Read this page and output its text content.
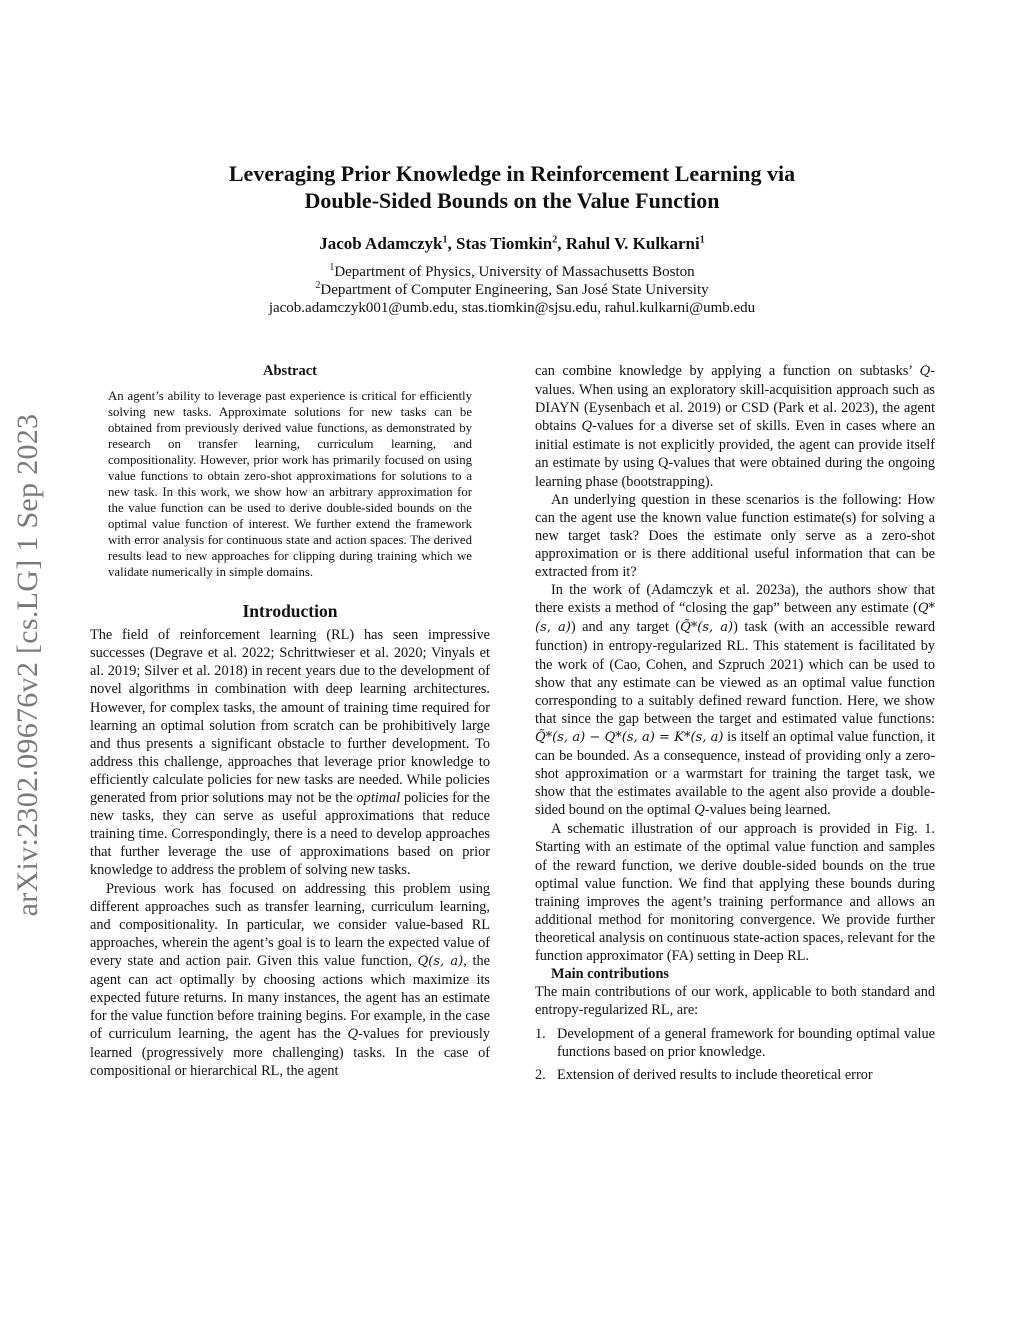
arXiv:2302.09676v2 [cs.LG] 1 Sep 2023
Leveraging Prior Knowledge in Reinforcement Learning via
Double-Sided Bounds on the Value Function
Jacob Adamczyk$^1$, Stas Tiomkin$^2$, Rahul V. Kulkarni$^1$
$^1$Department of Physics, University of Massachusetts Boston
$^2$Department of Computer Engineering, San José State University
jacob.adamczyk001@umb.edu, stas.tiomkin@sjsu.edu, rahul.kulkarni@umb.edu
Abstract
An agent’s ability to leverage past experience is critical for efficiently solving new tasks. Approximate solutions for new tasks can be obtained from previously derived value functions, as demonstrated by research on transfer learning, curriculum learning, and compositionality. However, prior work has primarily focused on using value functions to obtain zero-shot approximations for solutions to a new task. In this work, we show how an arbitrary approximation for the value function can be used to derive double-sided bounds on the optimal value function of interest. We further extend the framework with error analysis for continuous state and action spaces. The derived results lead to new approaches for clipping during training which we validate numerically in simple domains.
Introduction

The field of reinforcement learning (RL) has seen impressive successes (Degrave et al. 2022; Schrittwieser et al. 2020; Vinyals et al. 2019; Silver et al. 2018) in recent years due to the development of novel algorithms in combination with deep learning architectures. However, for complex tasks, the amount of training time required for learning an optimal solution from scratch can be prohibitively large and thus presents a significant obstacle to further development. To address this challenge, approaches that leverage prior knowledge to efficiently calculate policies for new tasks are needed. While policies generated from prior solutions may not be the optimal policies for the new tasks, they can serve as useful approximations that reduce training time. Correspondingly, there is a need to develop approaches that further leverage the use of approximations based on prior knowledge to address the problem of solving new tasks.

Previous work has focused on addressing this problem using different approaches such as transfer learning, curriculum learning, and compositionality. In particular, we consider value-based RL approaches, wherein the agent’s goal is to learn the expected value of every state and action pair. Given this value function, Q(s, a), the agent can act optimally by choosing actions which maximize its expected future returns. In many instances, the agent has an estimate for the value function before training begins. For example, in the case of curriculum learning, the agent has the Q-values for previously learned (progressively more challenging) tasks. In the case of compositional or hierarchical RL, the agent

can combine knowledge by applying a function on subtasks’ Q-values. When using an exploratory skill-acquisition approach such as DIAYN (Eysenbach et al. 2019) or CSD (Park et al. 2023), the agent obtains Q-values for a diverse set of skills. Even in cases where an initial estimate is not explicitly provided, the agent can provide itself an estimate by using Q-values that were obtained during the ongoing learning phase (bootstrapping).

An underlying question in these scenarios is the following: How can the agent use the known value function estimate(s) for solving a new target task? Does the estimate only serve as a zero-shot approximation or is there additional useful information that can be extracted from it?

In the work of (Adamczyk et al. 2023a), the authors show that there exists a method of “closing the gap” between any estimate (Q*(s, a)) and any target (Q̃*(s, a)) task (with an accessible reward function) in entropy-regularized RL. This statement is facilitated by the work of (Cao, Cohen, and Szpruch 2021) which can be used to show that any estimate can be viewed as an optimal value function corresponding to a suitably defined reward function. Here, we show that since the gap between the target and estimated value functions: Q̃*(s, a) − Q*(s, a) = K*(s, a) is itself an optimal value function, it can be bounded. As a consequence, instead of providing only a zero-shot approximation or a warmstart for training the target task, we show that the estimates available to the agent also provide a double-sided bound on the optimal Q-values being learned.

A schematic illustration of our approach is provided in Fig. 1. Starting with an estimate of the optimal value function and samples of the reward function, we derive double-sided bounds on the true optimal value function. We find that applying these bounds during training improves the agent’s training performance and allows an additional method for monitoring convergence. We provide further theoretical analysis on continuous state-action spaces, relevant for the function approximator (FA) setting in Deep RL.

Main contributions

The main contributions of our work, applicable to both standard and entropy-regularized RL, are:

1. Development of a general framework for bounding optimal value functions based on prior knowledge.
2. Extension of derived results to include theoretical error
